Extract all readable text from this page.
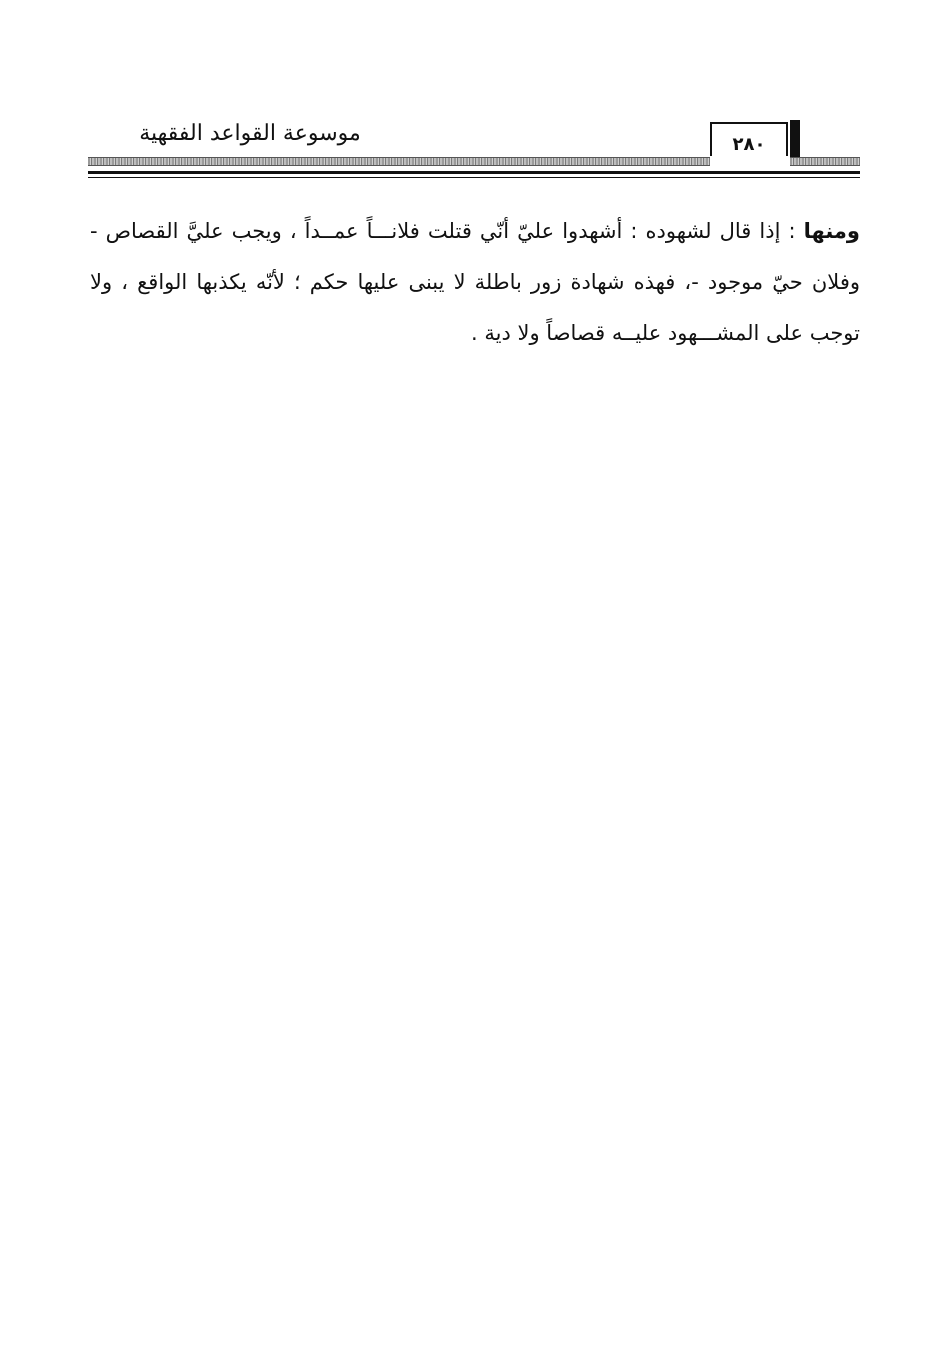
موسوعة القواعد الفقهية	٢٨٠
ومنها : إذا قال لشهوده : أشهدوا عليّ أنّي قتلت فلانـــاً عمــداً ، ويجب عليَّ القصاص - وفلان حيّ موجود -، فهذه شهادة زور باطلة لا يبنى عليها حكم ؛ لأنّه يكذبها الواقع ، ولا توجب على المشـــهود عليــه قصاصاً ولا دية .
